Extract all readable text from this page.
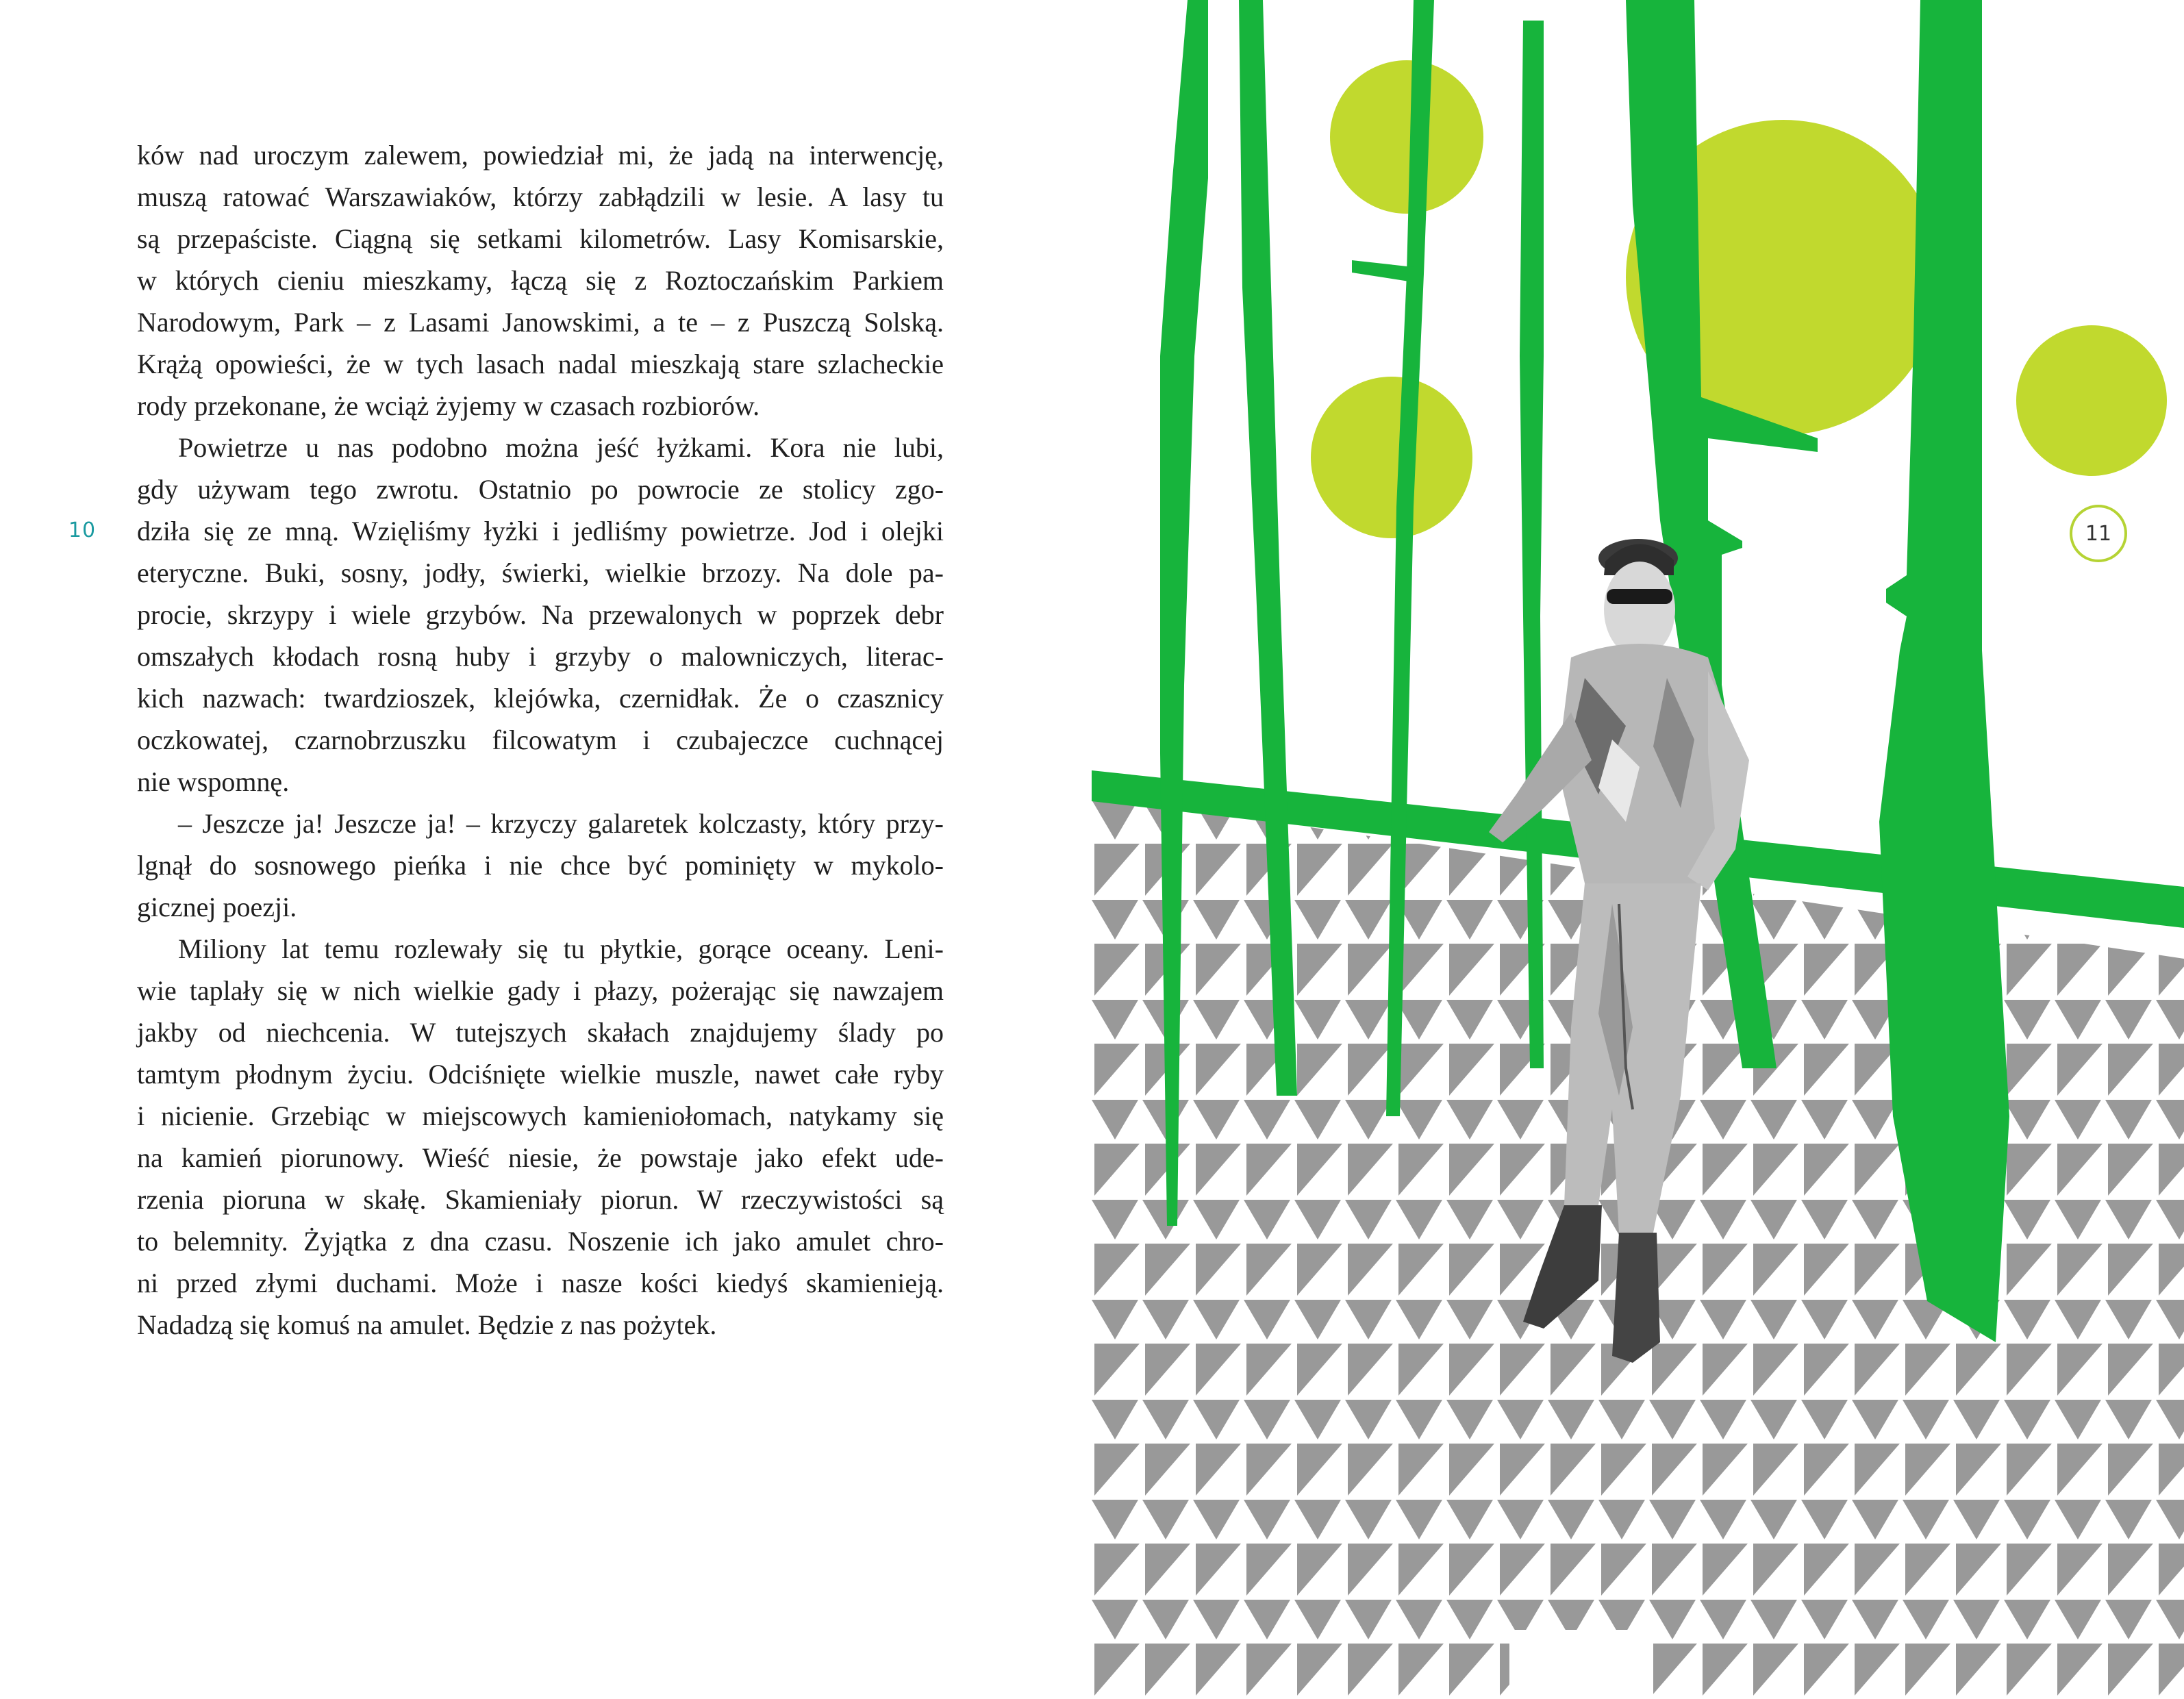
ków nad uroczym zalewem, powiedział mi, że jadą na interwencję,
muszą ratować Warszawiaków, którzy zabłądzili w lesie. A lasy tu
są przepaściste. Ciągną się setkami kilometrów. Lasy Komisarskie,
w których cieniu mieszkamy, łączą się z Roztoczańskim Parkiem
Narodowym, Park – z Lasami Janowskimi, a te – z Puszczą Solską.
Krążą opowieści, że w tych lasach nadal mieszkają stare szlacheckie
rody przekonane, że wciąż żyjemy w czasach rozbiorów.
Powietrze u nas podobno można jeść łyżkami. Kora nie lubi,
gdy używam tego zwrotu. Ostatnio po powrocie ze stolicy zgo-
dziła się ze mną. Wzięliśmy łyżki i jedliśmy powietrze. Jod i olejki
eteryczne. Buki, sosny, jodły, świerki, wielkie brzozy. Na dole pa-
procie, skrzypy i wiele grzybów. Na przewalonych w poprzek debr
omszałych kłodach rosną huby i grzyby o malowniczych, literac-
kich nazwach: twardzioszek, klejówka, czernidłak. Że o czasznicy
oczkowatej, czarnobrzuszku filcowatym i czubajeczce cuchnącej
nie wspomnę.
– Jeszcze ja! Jeszcze ja! – krzyczy galaretek kolczasty, który przy-
lgnął do sosnowego pieńka i nie chce być pominięty w mykolo-
gicznej poezji.
Miliony lat temu rozlewały się tu płytkie, gorące oceany. Leni-
wie taplały się w nich wielkie gady i płazy, pożerając się nawzajem
jakby od niechcenia. W tutejszych skałach znajdujemy ślady po
tamtym płodnym życiu. Odciśnięte wielkie muszle, nawet całe ryby
i nicienie. Grzebiąc w miejscowych kamieniołomach, natykamy się
na kamień piorunowy. Wieść niesie, że powstaje jako efekt ude-
rzenia pioruna w skałę. Skamieniały piorun. W rzeczywistości są
to belemnity. Żyjątka z dna czasu. Noszenie ich jako amulet chro-
ni przed złymi duchami. Może i nasze kości kiedyś skamienieją.
Nadadzą się komuś na amulet. Będzie z nas pożytek.
10	11
